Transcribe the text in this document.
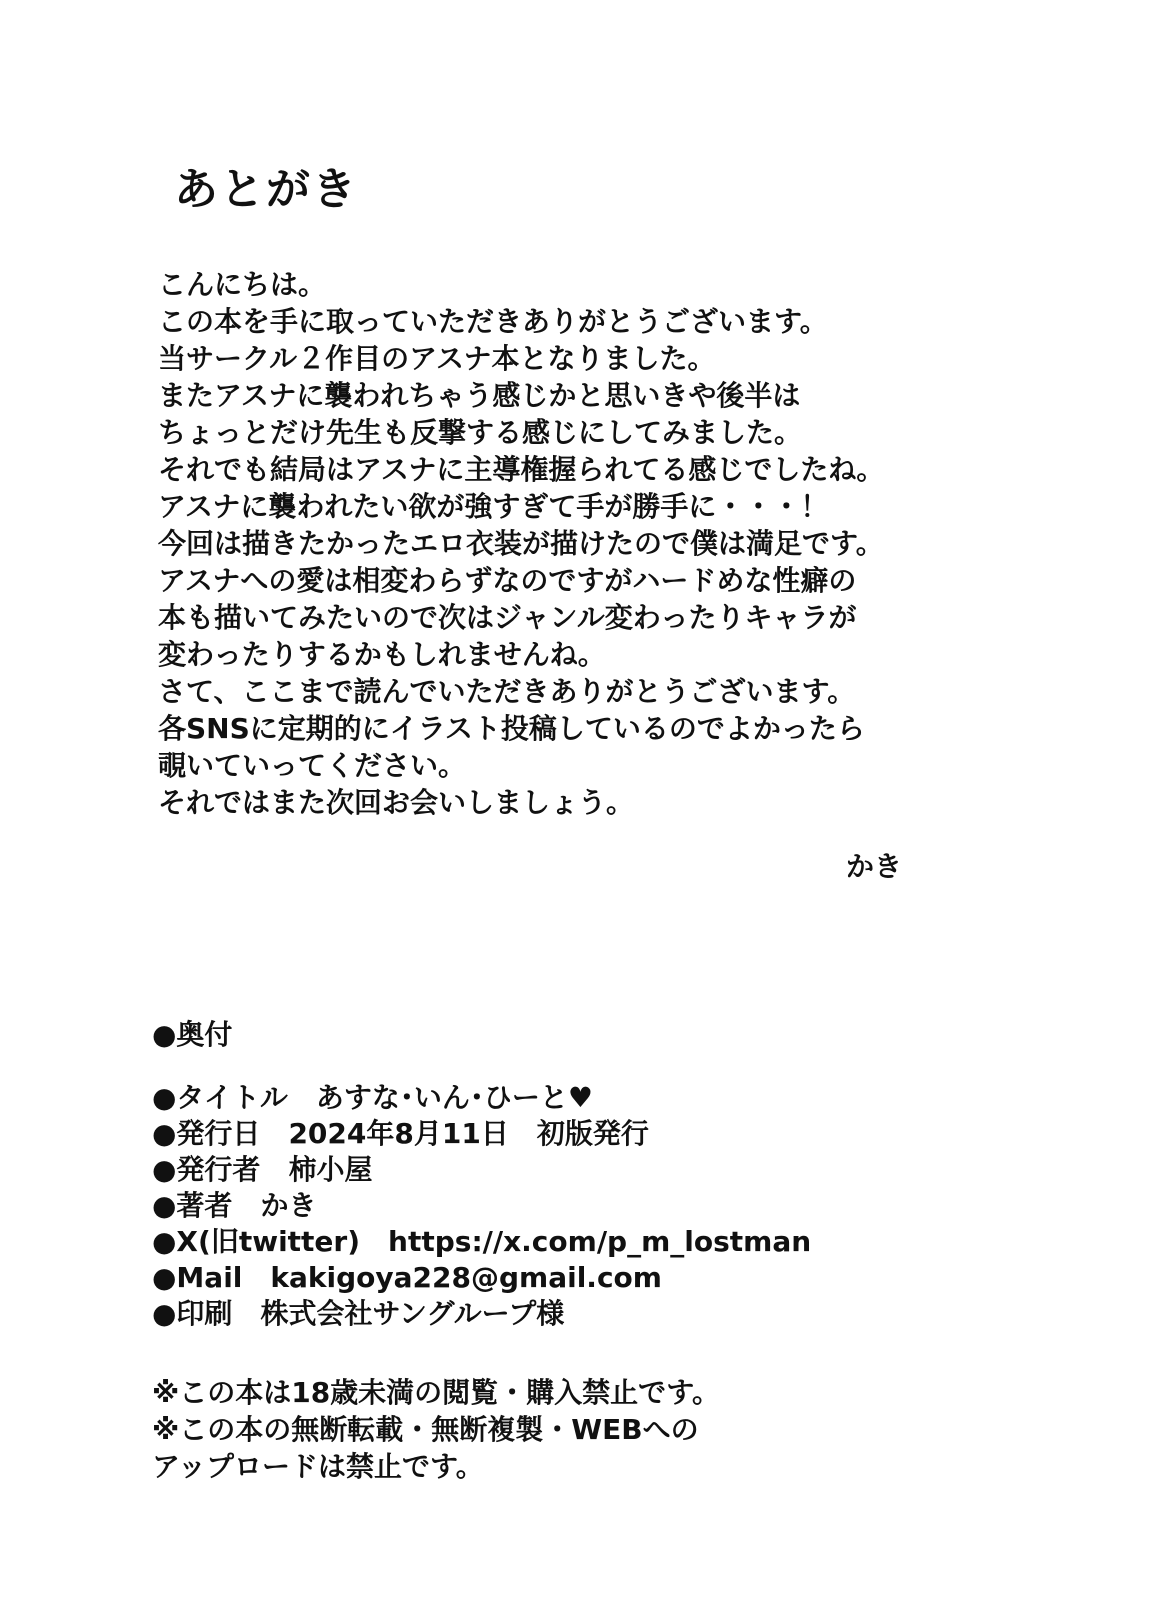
あとがき
こんにちは。
この本を手に取っていただきありがとうございます。
当サークル２作目のアスナ本となりました。
またアスナに襲われちゃう感じかと思いきや後半は
ちょっとだけ先生も反撃する感じにしてみました。
それでも結局はアスナに主導権握られてる感じでしたね。
アスナに襲われたい欲が強すぎて手が勝手に・・・！
今回は描きたかったエロ衣装が描けたので僕は満足です。
アスナへの愛は相変わらずなのですがハードめな性癖の
本も描いてみたいので次はジャンル変わったりキャラが
変わったりするかもしれませんね。
さて、ここまで読んでいただきありがとうございます。
各SNSに定期的にイラスト投稿しているのでよかったら
覗いていってください。
それではまた次回お会いしましょう。
かき
●奥付
●タイトル あすな･いん･ひーと♥
●発行日 2024年8月11日　初版発行
●発行者 柿小屋
●著者 かき
●X(旧twitter) https://x.com/p_m_lostman
●Mail kakigoya228@gmail.com
●印刷 株式会社サングループ様
※この本は18歳未満の閲覧・購入禁止です。
※この本の無断転載・無断複製・WEBへの
アップロードは禁止です。
